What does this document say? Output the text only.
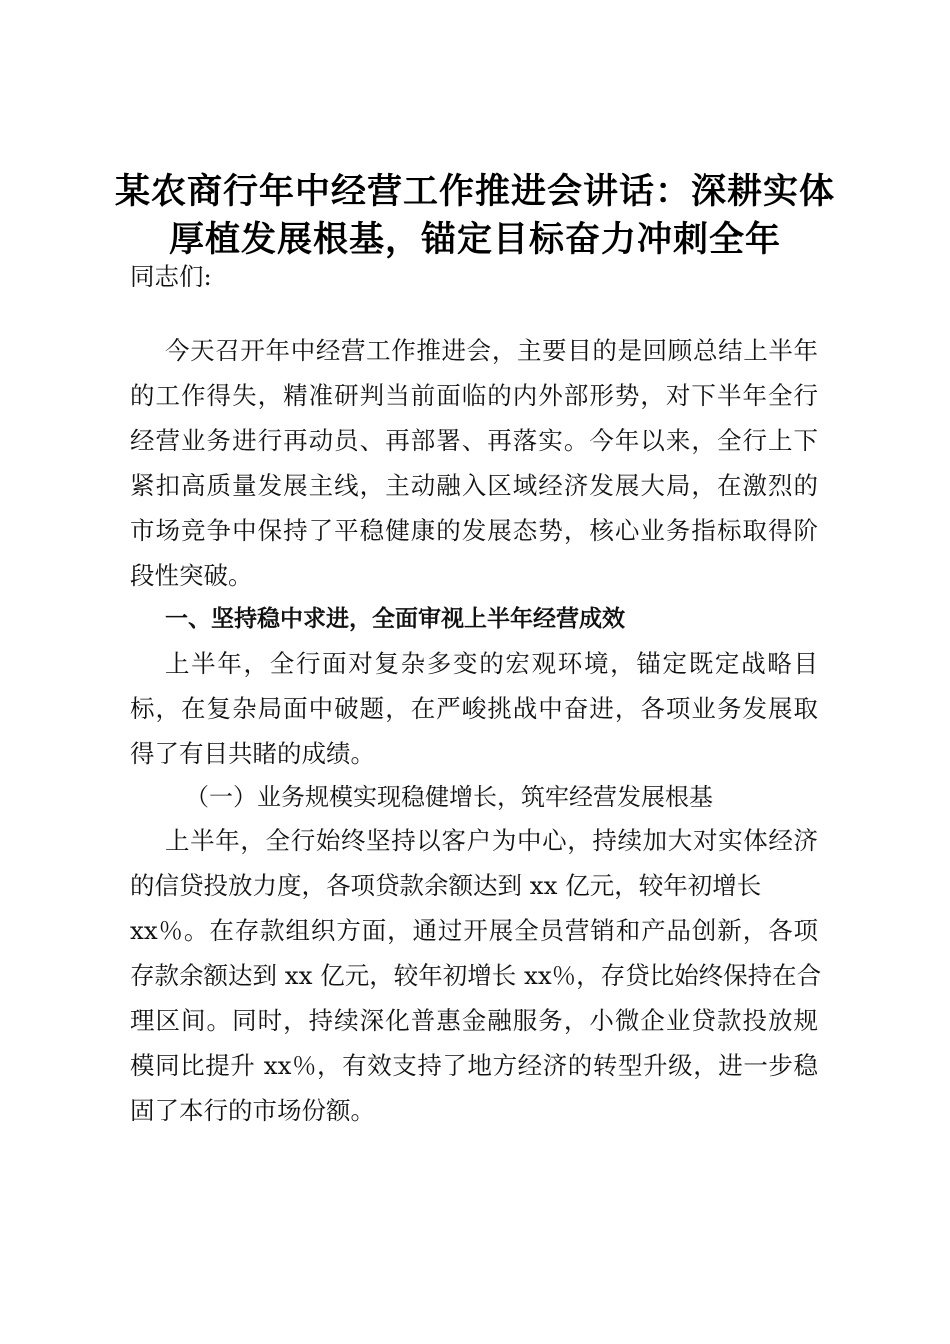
某农商行年中经营工作推进会讲话：深耕实体
厚植发展根基，锚定目标奋力冲刺全年
同志们:
今天召开年中经营工作推进会，主要目的是回顾总结上半年
的工作得失，精准研判当前面临的内外部形势，对下半年全行
经营业务进行再动员、再部署、再落实。今年以来，全行上下
紧扣高质量发展主线，主动融入区域经济发展大局，在激烈的
市场竞争中保持了平稳健康的发展态势，核心业务指标取得阶
段性突破。
一、坚持稳中求进，全面审视上半年经营成效
上半年，全行面对复杂多变的宏观环境，锚定既定战略目
标，在复杂局面中破题，在严峻挑战中奋进，各项业务发展取
得了有目共睹的成绩。
（一）业务规模实现稳健增长，筑牢经营发展根基
上半年，全行始终坚持以客户为中心，持续加大对实体经济
的信贷投放力度，各项贷款余额达到 xx 亿元，较年初增长
xx％。在存款组织方面，通过开展全员营销和产品创新，各项
存款余额达到 xx 亿元，较年初增长 xx％，存贷比始终保持在合
理区间。同时，持续深化普惠金融服务，小微企业贷款投放规
模同比提升 xx％，有效支持了地方经济的转型升级，进一步稳
固了本行的市场份额。
